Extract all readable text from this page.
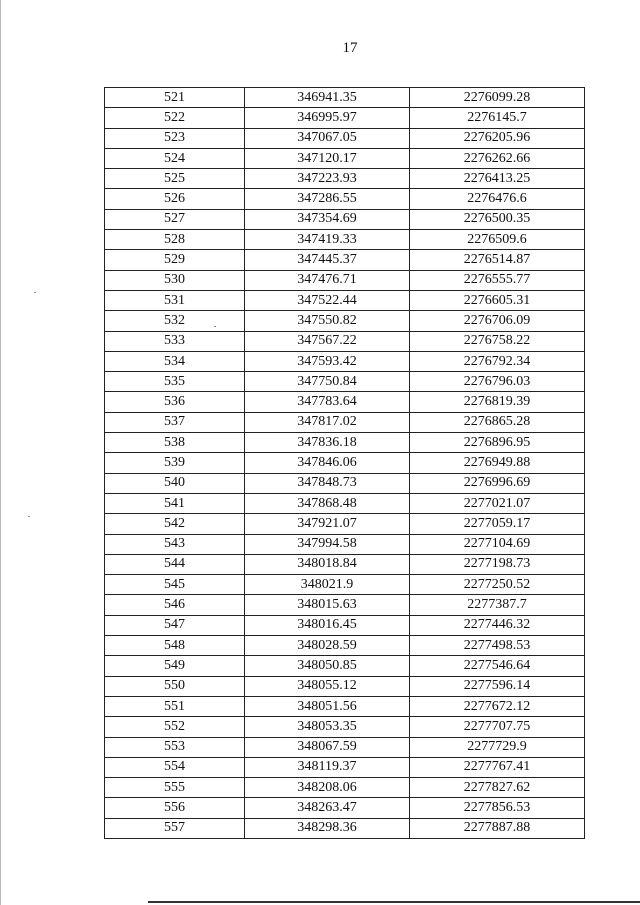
17
521	346941.35	2276099.28
522	346995.97	2276145.7
523	347067.05	2276205.96
524	347120.17	2276262.66
525	347223.93	2276413.25
526	347286.55	2276476.6
527	347354.69	2276500.35
528	347419.33	2276509.6
529	347445.37	2276514.87
530	347476.71	2276555.77
531	347522.44	2276605.31
532	347550.82	2276706.09
533	347567.22	2276758.22
534	347593.42	2276792.34
535	347750.84	2276796.03
536	347783.64	2276819.39
537	347817.02	2276865.28
538	347836.18	2276896.95
539	347846.06	2276949.88
540	347848.73	2276996.69
541	347868.48	2277021.07
542	347921.07	2277059.17
543	347994.58	2277104.69
544	348018.84	2277198.73
545	348021.9	2277250.52
546	348015.63	2277387.7
547	348016.45	2277446.32
548	348028.59	2277498.53
549	348050.85	2277546.64
550	348055.12	2277596.14
551	348051.56	2277672.12
552	348053.35	2277707.75
553	348067.59	2277729.9
554	348119.37	2277767.41
555	348208.06	2277827.62
556	348263.47	2277856.53
557	348298.36	2277887.88
